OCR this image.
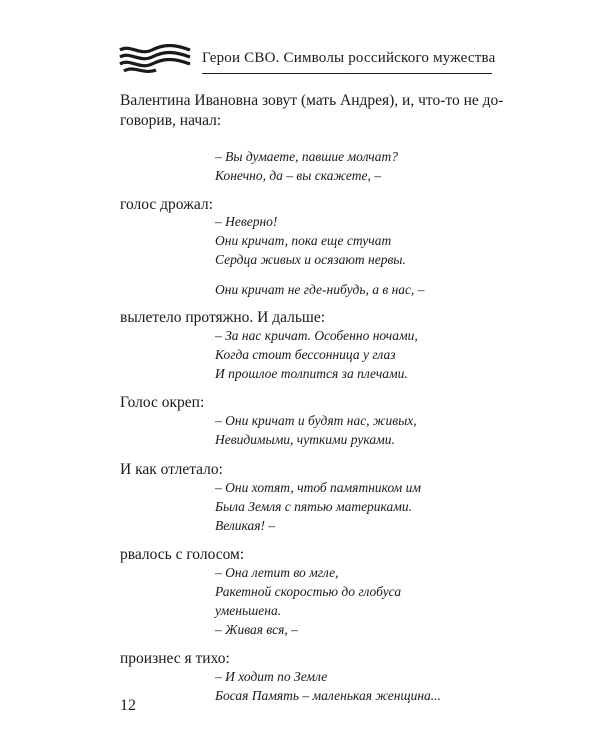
Герои СВО. Символы российского мужества
Валентина Ивановна зовут (мать Андрея), и, что-то не до-
говорив, начал:
– Вы думаете, павшие молчат?
Конечно, да – вы скажете, –
голос дрожал:
– Неверно!
Они кричат, пока еще стучат
Сердца живых и осязают нервы.
Они кричат не где-нибудь, а в нас, –
вылетело протяжно. И дальше:
– За нас кричат. Особенно ночами,
Когда стоит бессонница у глаз
И прошлое толпится за плечами.
Голос окреп:
– Они кричат и будят нас, живых,
Невидимыми, чуткими руками.
И как отлетало:
– Они хотят, чтоб памятником им
Была Земля с пятью материками.
Великая! –
рвалось с голосом:
– Она летит во мгле,
Ракетной скоростью до глобуса
уменьшена.
– Живая вся, –
произнес я тихо:
– И ходит по Земле
Босая Память – маленькая женщина...
12
